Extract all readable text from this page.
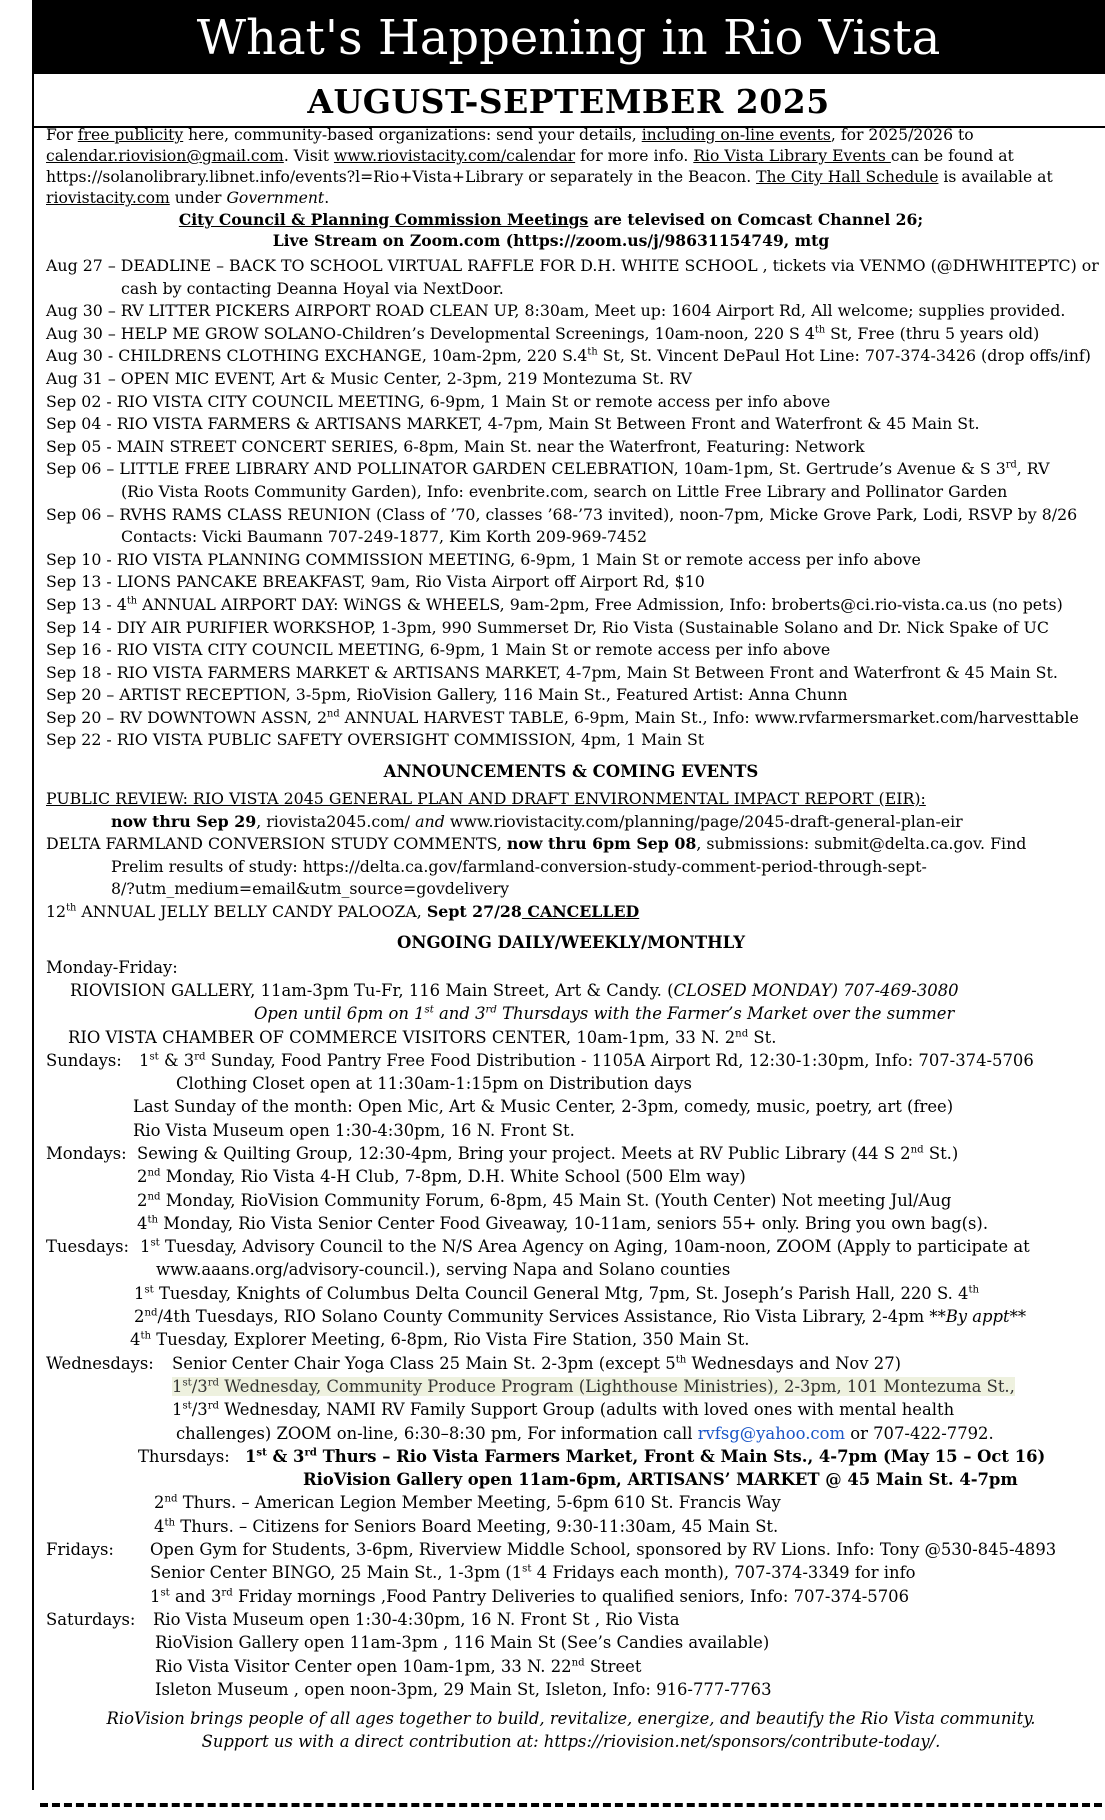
What's Happening in Rio Vista
AUGUST-SEPTEMBER 2025
For free publicity here, community-based organizations: send your details, including on-line events, for 2025/2026 to
calendar.riovision@gmail.com. Visit www.riovistacity.com/calendar for more info. Rio Vista Library Events can be found at
https://solanolibrary.libnet.info/events?l=Rio+Vista+Library or separately in the Beacon. The City Hall Schedule is available at
riovistacity.com under Government.
City Council & Planning Commission Meetings are televised on Comcast Channel 26;
Live Stream on Zoom.com (https://zoom.us/j/98631154749, mtg
Aug 27 – DEADLINE – BACK TO SCHOOL VIRTUAL RAFFLE FOR D.H. WHITE SCHOOL , tickets via VENMO (@DHWHITEPTC) or
cash by contacting Deanna Hoyal via NextDoor.
Aug 30 – RV LITTER PICKERS AIRPORT ROAD CLEAN UP, 8:30am, Meet up: 1604 Airport Rd, All welcome; supplies provided.
Aug 30 – HELP ME GROW SOLANO-Children’s Developmental Screenings, 10am-noon, 220 S 4th St, Free (thru 5 years old)
Aug 30 - CHILDRENS CLOTHING EXCHANGE, 10am-2pm, 220 S.4th St, St. Vincent DePaul Hot Line: 707-374-3426 (drop offs/inf)
Aug 31 – OPEN MIC EVENT, Art & Music Center, 2-3pm, 219 Montezuma St. RV
Sep 02 - RIO VISTA CITY COUNCIL MEETING, 6-9pm, 1 Main St or remote access per info above
Sep 04 - RIO VISTA FARMERS & ARTISANS MARKET, 4-7pm, Main St Between Front and Waterfront & 45 Main St.
Sep 05 - MAIN STREET CONCERT SERIES, 6-8pm, Main St. near the Waterfront, Featuring: Network
Sep 06 – LITTLE FREE LIBRARY AND POLLINATOR GARDEN CELEBRATION, 10am-1pm, St. Gertrude’s Avenue & S 3rd, RV
(Rio Vista Roots Community Garden), Info: evenbrite.com, search on Little Free Library and Pollinator Garden
Sep 06 – RVHS RAMS CLASS REUNION (Class of ’70, classes ’68-’73 invited), noon-7pm, Micke Grove Park, Lodi, RSVP by 8/26
Contacts: Vicki Baumann 707-249-1877, Kim Korth 209-969-7452
Sep 10 - RIO VISTA PLANNING COMMISSION MEETING, 6-9pm, 1 Main St or remote access per info above
Sep 13 - LIONS PANCAKE BREAKFAST, 9am, Rio Vista Airport off Airport Rd, $10
Sep 13 - 4th ANNUAL AIRPORT DAY: WiNGS & WHEELS, 9am-2pm, Free Admission, Info: broberts@ci.rio-vista.ca.us (no pets)
Sep 14 - DIY AIR PURIFIER WORKSHOP, 1-3pm, 990 Summerset Dr, Rio Vista (Sustainable Solano and Dr. Nick Spake of UC
Sep 16 - RIO VISTA CITY COUNCIL MEETING, 6-9pm, 1 Main St or remote access per info above
Sep 18 - RIO VISTA FARMERS MARKET & ARTISANS MARKET, 4-7pm, Main St Between Front and Waterfront & 45 Main St.
Sep 20 – ARTIST RECEPTION, 3-5pm, RioVision Gallery, 116 Main St., Featured Artist: Anna Chunn
Sep 20 – RV DOWNTOWN ASSN, 2nd ANNUAL HARVEST TABLE, 6-9pm, Main St., Info: www.rvfarmersmarket.com/harvesttable
Sep 22 - RIO VISTA PUBLIC SAFETY OVERSIGHT COMMISSION, 4pm, 1 Main St
ANNOUNCEMENTS & COMING EVENTS
PUBLIC REVIEW: RIO VISTA 2045 GENERAL PLAN AND DRAFT ENVIRONMENTAL IMPACT REPORT (EIR):
now thru Sep 29, riovista2045.com/ and www.riovistacity.com/planning/page/2045-draft-general-plan-eir
DELTA FARMLAND CONVERSION STUDY COMMENTS, now thru 6pm Sep 08, submissions: submit@delta.ca.gov. Find
Prelim results of study: https://delta.ca.gov/farmland-conversion-study-comment-period-through-sept-
8/?utm_medium=email&utm_source=govdelivery
12th ANNUAL JELLY BELLY CANDY PALOOZA, Sept 27/28 CANCELLED
ONGOING DAILY/WEEKLY/MONTHLY
Monday-Friday:
RIOVISION GALLERY, 11am-3pm Tu-Fr, 116 Main Street, Art & Candy. (CLOSED MONDAY) 707-469-3080
Open until 6pm on 1st and 3rd Thursdays with the Farmer’s Market over the summer
RIO VISTA CHAMBER OF COMMERCE VISITORS CENTER, 10am-1pm, 33 N. 2nd St.
Sundays: 1st & 3rd Sunday, Food Pantry Free Food Distribution - 1105A Airport Rd, 12:30-1:30pm, Info: 707-374-5706
Clothing Closet open at 11:30am-1:15pm on Distribution days
Last Sunday of the month: Open Mic, Art & Music Center, 2-3pm, comedy, music, poetry, art (free)
Rio Vista Museum open 1:30-4:30pm, 16 N. Front St.
Mondays: Sewing & Quilting Group, 12:30-4pm, Bring your project. Meets at RV Public Library (44 S 2nd St.)
2nd Monday, Rio Vista 4-H Club, 7-8pm, D.H. White School (500 Elm way)
2nd Monday, RioVision Community Forum, 6-8pm, 45 Main St. (Youth Center) Not meeting Jul/Aug
4th Monday, Rio Vista Senior Center Food Giveaway, 10-11am, seniors 55+ only. Bring you own bag(s).
Tuesdays: 1st Tuesday, Advisory Council to the N/S Area Agency on Aging, 10am-noon, ZOOM (Apply to participate at
www.aaans.org/advisory-council.), serving Napa and Solano counties
1st Tuesday, Knights of Columbus Delta Council General Mtg, 7pm, St. Joseph’s Parish Hall, 220 S. 4th
2nd/4th Tuesdays, RIO Solano County Community Services Assistance, Rio Vista Library, 2-4pm **By appt**
4th Tuesday, Explorer Meeting, 6-8pm, Rio Vista Fire Station, 350 Main St.
Wednesdays: Senior Center Chair Yoga Class 25 Main St. 2-3pm (except 5th Wednesdays and Nov 27)
1st/3rd Wednesday, Community Produce Program (Lighthouse Ministries), 2-3pm, 101 Montezuma St.,
1st/3rd Wednesday, NAMI RV Family Support Group (adults with loved ones with mental health
challenges) ZOOM on-line, 6:30–8:30 pm, For information call rvfsg@yahoo.com or 707-422-7792.
Thursdays: 1st & 3rd Thurs – Rio Vista Farmers Market, Front & Main Sts., 4-7pm (May 15 – Oct 16)
RioVision Gallery open 11am-6pm, ARTISANS’ MARKET @ 45 Main St. 4-7pm
2nd Thurs. – American Legion Member Meeting, 5-6pm 610 St. Francis Way
4th Thurs. – Citizens for Seniors Board Meeting, 9:30-11:30am, 45 Main St.
Fridays: Open Gym for Students, 3-6pm, Riverview Middle School, sponsored by RV Lions. Info: Tony @530-845-4893
Senior Center BINGO, 25 Main St., 1-3pm (1st 4 Fridays each month), 707-374-3349 for info
1st and 3rd Friday mornings ,Food Pantry Deliveries to qualified seniors, Info: 707-374-5706
Saturdays: Rio Vista Museum open 1:30-4:30pm, 16 N. Front St , Rio Vista
RioVision Gallery open 11am-3pm , 116 Main St (See’s Candies available)
Rio Vista Visitor Center open 10am-1pm, 33 N. 22nd Street
Isleton Museum , open noon-3pm, 29 Main St, Isleton, Info: 916-777-7763
RioVision brings people of all ages together to build, revitalize, energize, and beautify the Rio Vista community.
Support us with a direct contribution at: https://riovision.net/sponsors/contribute-today/.
